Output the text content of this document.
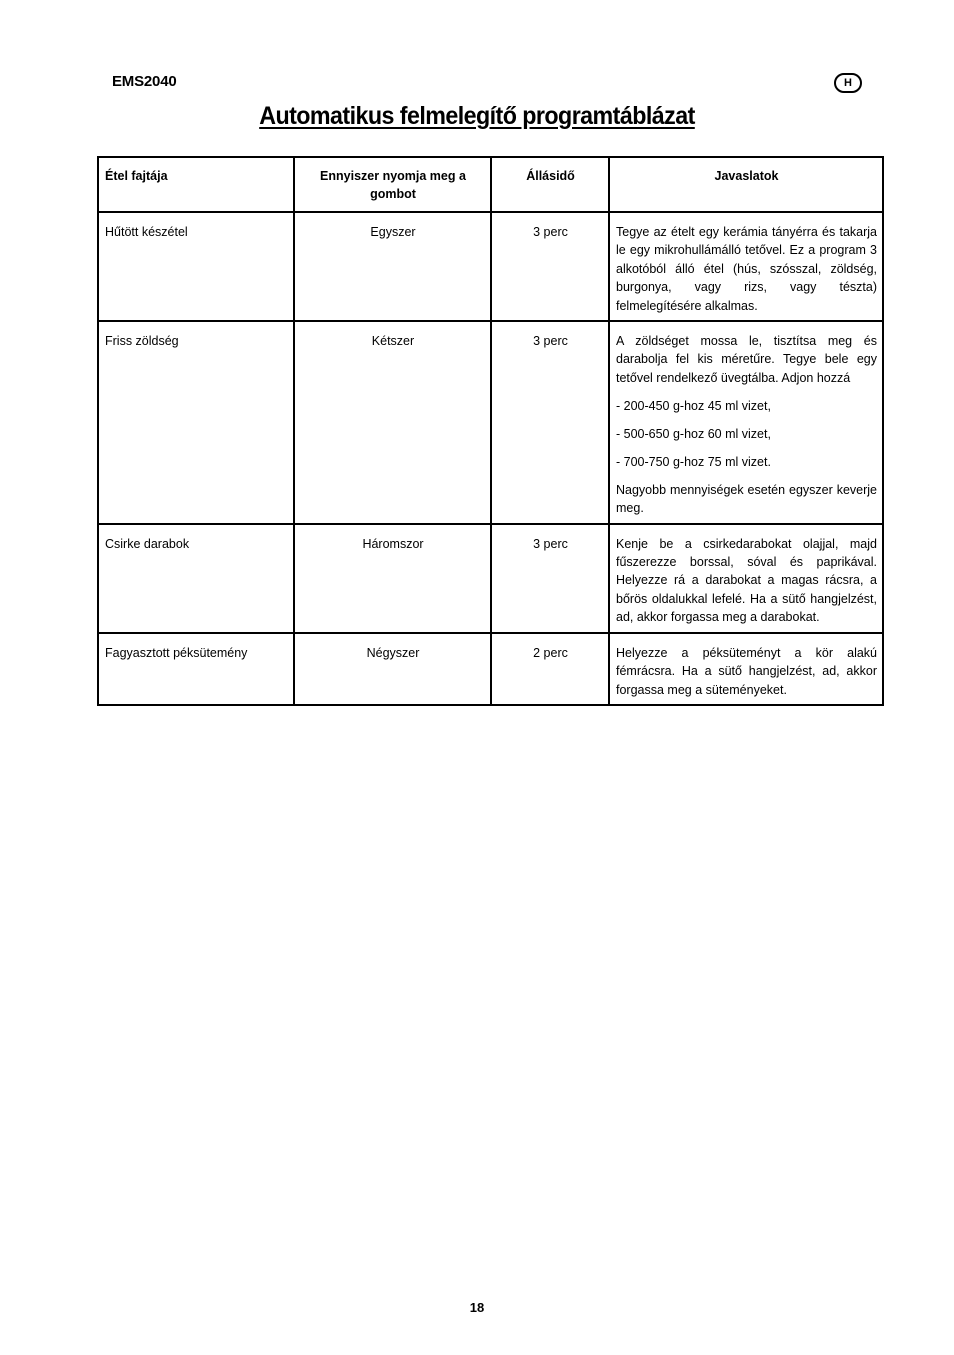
EMS2040	H
Automatikus felmelegítő programtáblázat
Étel fajtája	Ennyiszer nyomja meg a gombot	Állásidő	Javaslatok
Hűtött készétel	Egyszer	3 perc	Tegye az ételt egy kerámia tányérra és takarja le egy mikrohullámálló tetővel. Ez a program 3 alkotóból álló étel (hús, szósszal, zöldség, burgonya, vagy rizs, vagy tészta) felmelegítésére alkalmas.

Friss zöldség	Kétszer	3 perc	A zöldséget mossa le, tisztítsa meg és darabolja fel kis méretűre. Tegye bele egy tetővel rendelkező üvegtálba. Adjon hozzá

- 200-450 g-hoz 45 ml vizet,

- 500-650 g-hoz 60 ml vizet,

- 700-750 g-hoz 75 ml vizet.

Nagyobb mennyiségek esetén egyszer keverje meg.

Csirke darabok	Háromszor	3 perc	Kenje be a csirkedarabokat olajjal, majd fűszerezze borssal, sóval és paprikával. Helyezze rá a darabokat a magas rácsra, a bőrös oldalukkal lefelé. Ha a sütő hangjelzést, ad, akkor forgassa meg a darabokat.

Fagyasztott péksütemény	Négyszer	2 perc	Helyezze a péksüteményt a kör alakú fémrácsra. Ha a sütő hangjelzést, ad, akkor forgassa meg a süteményeket.

18
